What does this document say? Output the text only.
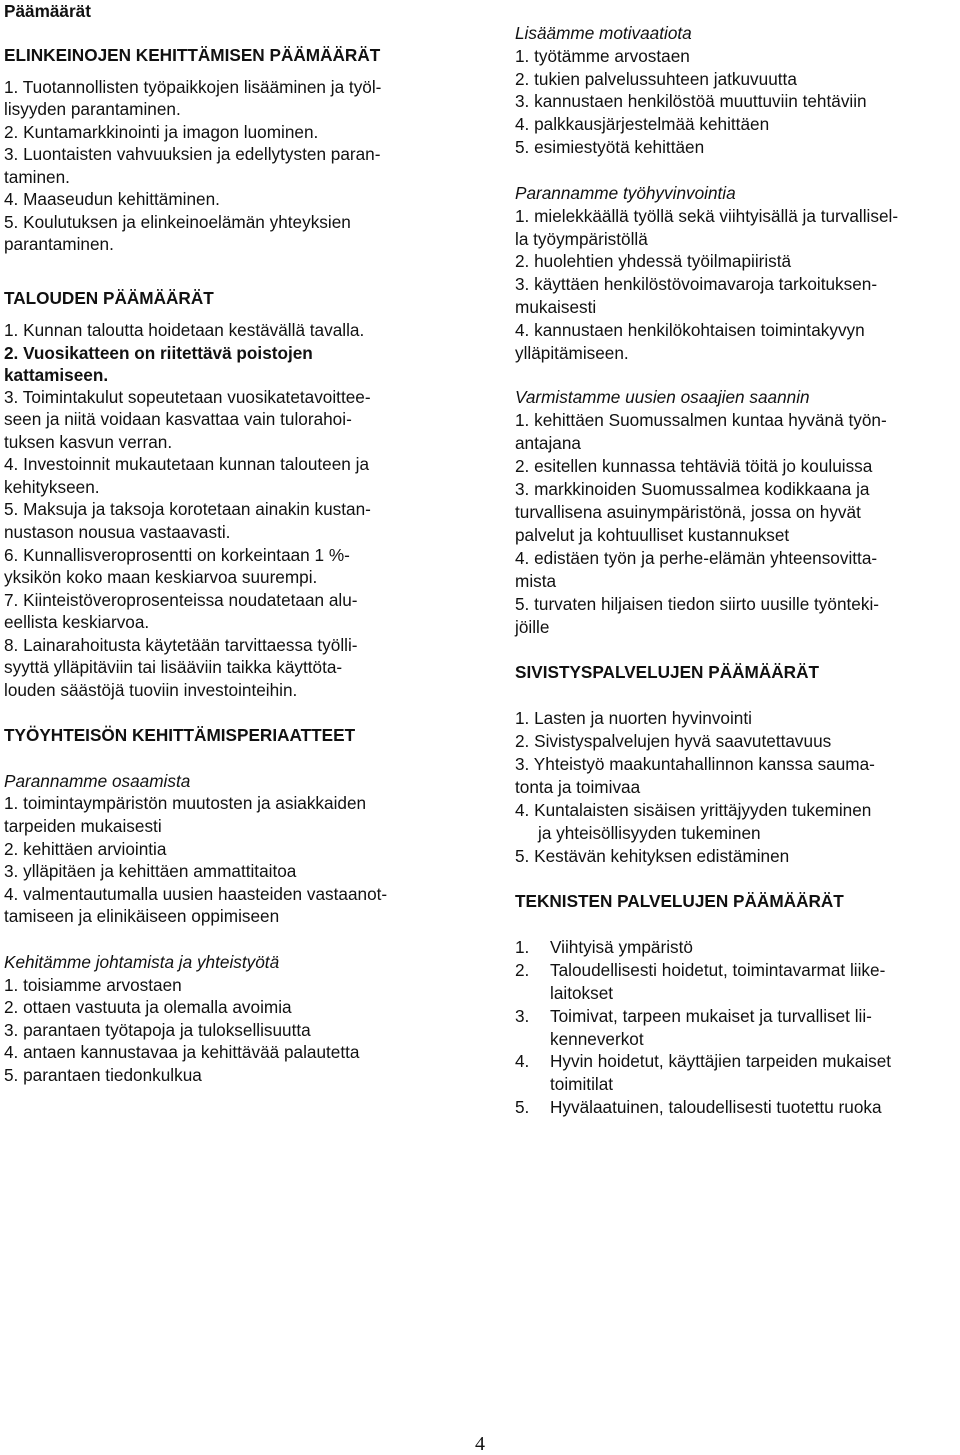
Päämäärät
ELINKEINOJEN KEHITTÄMISEN PÄÄMÄÄRÄT
1. Tuotannollisten työpaikkojen lisääminen ja työl-
lisyyden parantaminen.
2. Kuntamarkkinointi ja imagon luominen.
3. Luontaisten vahvuuksien ja edellytysten paran-
taminen.
4. Maaseudun kehittäminen.
5. Koulutuksen ja elinkeinoelämän yhteyksien
parantaminen.
TALOUDEN PÄÄMÄÄRÄT
1. Kunnan taloutta hoidetaan kestävällä tavalla.
2. Vuosikatteen on riitettävä poistojen
kattamiseen.
3. Toimintakulut sopeutetaan vuosikatetavoittee-
seen ja niitä voidaan kasvattaa vain tulorahoi-
tuksen kasvun verran.
4. Investoinnit mukautetaan kunnan talouteen ja
kehitykseen.
5. Maksuja ja taksoja korotetaan ainakin kustan-
nustason nousua vastaavasti.
6. Kunnallisveroprosentti on korkeintaan 1 %-
yksikön koko maan keskiarvoa suurempi.
7. Kiinteistöveroprosenteissa noudatetaan alu-
eellista keskiarvoa.
8. Lainarahoitusta käytetään tarvittaessa työlli-
syyttä ylläpitäviin tai lisääviin taikka käyttöta-
louden säästöjä tuoviin investointeihin.
TYÖYHTEISÖN KEHITTÄMISPERIAATTEET
Parannamme osaamista
1. toimintaympäristön muutosten ja asiakkaiden
tarpeiden mukaisesti
2. kehittäen arviointia
3. ylläpitäen ja kehittäen ammattitaitoa
4. valmentautumalla uusien haasteiden vastaanot-
tamiseen ja elinikäiseen oppimiseen
Kehitämme johtamista ja yhteistyötä
1. toisiamme arvostaen
2. ottaen vastuuta ja olemalla avoimia
3. parantaen työtapoja ja tuloksellisuutta
4. antaen kannustavaa ja kehittävää palautetta
5. parantaen tiedonkulkua
Lisäämme motivaatiota
1. työtämme arvostaen
2. tukien palvelussuhteen jatkuvuutta
3. kannustaen henkilöstöä muuttuviin tehtäviin
4. palkkausjärjestelmää kehittäen
5. esimiestyötä kehittäen
Parannamme työhyvinvointia
1. mielekkäällä työllä sekä viihtyisällä ja turvallisel-
la työympäristöllä
2. huolehtien yhdessä työilmapiiristä
3. käyttäen henkilöstövoimavaroja tarkoituksen-
mukaisesti
4. kannustaen henkilökohtaisen toimintakyvyn
ylläpitämiseen.
Varmistamme uusien osaajien saannin
1. kehittäen Suomussalmen kuntaa hyvänä työn-
antajana
2. esitellen kunnassa tehtäviä töitä jo kouluissa
3. markkinoiden Suomussalmea kodikkaana ja
turvallisena asuinympäristönä, jossa on hyvät
palvelut ja kohtuulliset kustannukset
4. edistäen työn ja perhe-elämän yhteensovitta-
mista
5. turvaten hiljaisen tiedon siirto uusille työnteki-
jöille
SIVISTYSPALVELUJEN PÄÄMÄÄRÄT
1. Lasten ja nuorten hyvinvointi
2. Sivistyspalvelujen hyvä saavutettavuus
3. Yhteistyö maakuntahallinnon kanssa sauma-
tonta ja toimivaa
4. Kuntalaisten sisäisen yrittäjyyden tukeminen
ja yhteisöllisyyden tukeminen
5. Kestävän kehityksen edistäminen
TEKNISTEN PALVELUJEN PÄÄMÄÄRÄT
1. Viihtyisä ympäristö
2. Taloudellisesti hoidetut, toimintavarmat liike-
laitokset
3. Toimivat, tarpeen mukaiset ja turvalliset lii-
kenneverkot
4. Hyvin hoidetut, käyttäjien tarpeiden mukaiset
toimitilat
5. Hyvälaatuinen, taloudellisesti tuotettu ruoka
4
